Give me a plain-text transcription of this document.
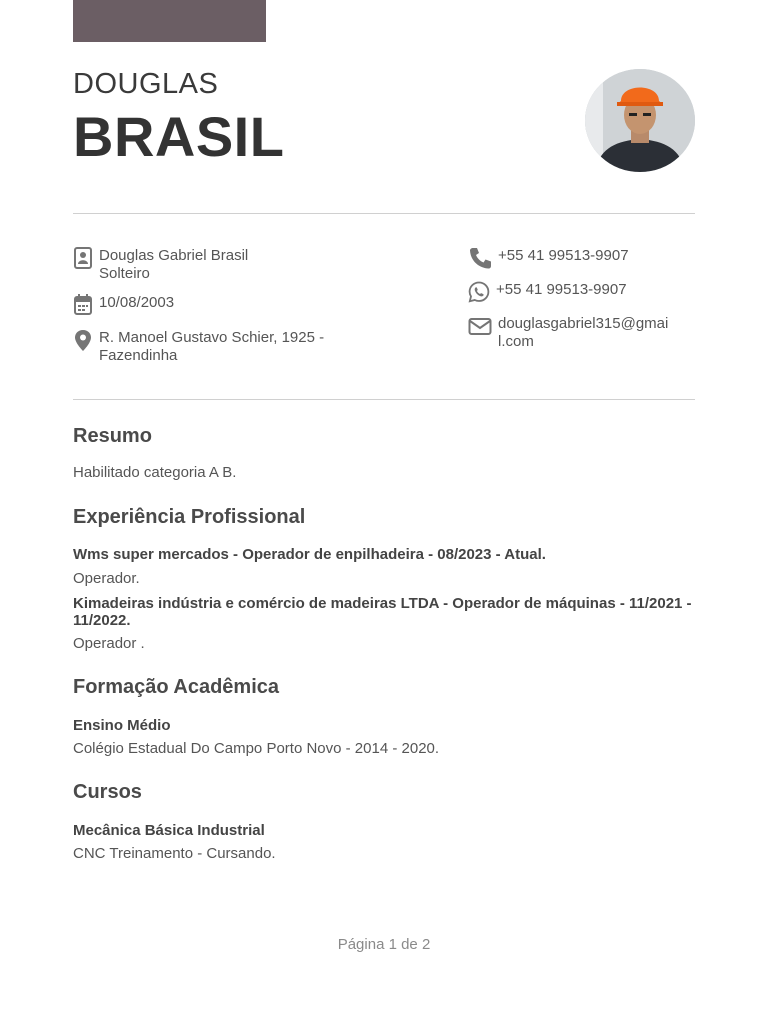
DOUGLAS
BRASIL
Douglas Gabriel Brasil
Solteiro
10/08/2003
R. Manoel Gustavo Schier, 1925 -
Fazendinha
+55 41 99513-9907
+55 41 99513-9907
douglasgabriel315@gmai
l.com
Resumo
Habilitado categoria A B.
Experiência Profissional
Wms super mercados - Operador de enpilhadeira - 08/2023 - Atual.
Operador.
Kimadeiras indústria e comércio de madeiras LTDA - Operador de máquinas - 11/2021 - 11/2022.
Operador .
Formação Acadêmica
Ensino Médio
Colégio Estadual Do Campo Porto Novo - 2014 - 2020.
Cursos
Mecânica Básica Industrial
CNC Treinamento - Cursando.
Página 1 de 2
